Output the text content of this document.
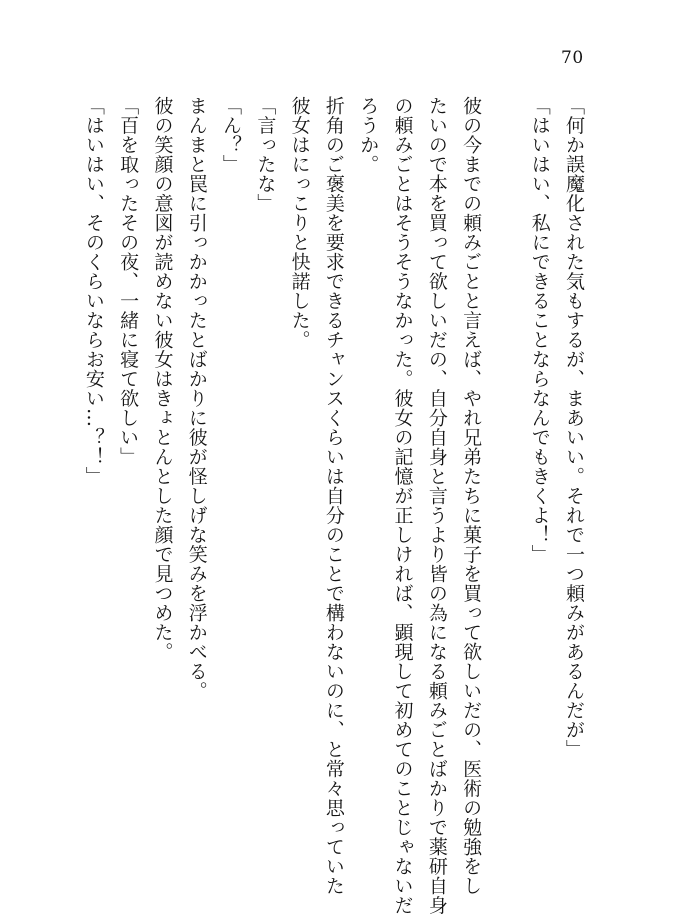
70
「何か誤魔化された気もするが、まあいい。それで一つ頼みがあるんだが」
「はいはい、私にできることならなんでもきくよ！」
彼の今までの頼みごとと言えば、やれ兄弟たちに菓子を買って欲しいだの、医術の勉強をし
たいので本を買って欲しいだの、自分自身と言うより皆の為になる頼みごとばかりで薬研自身
の頼みごとはそうそうなかった。彼女の記憶が正しければ、顕現して初めてのことじゃないだ
ろうか。
折角のご褒美を要求できるチャンスくらいは自分のことで構わないのに、と常々思っていた
彼女はにっこりと快諾した。
「言ったな」
「ん？」
まんまと罠に引っかかったとばかりに彼が怪しげな笑みを浮かべる。
彼の笑顔の意図が読めない彼女はきょとんとした顔で見つめた。
「百を取ったその夜、一緒に寝て欲しい」
「はいはい、そのくらいならお安い…？！」
